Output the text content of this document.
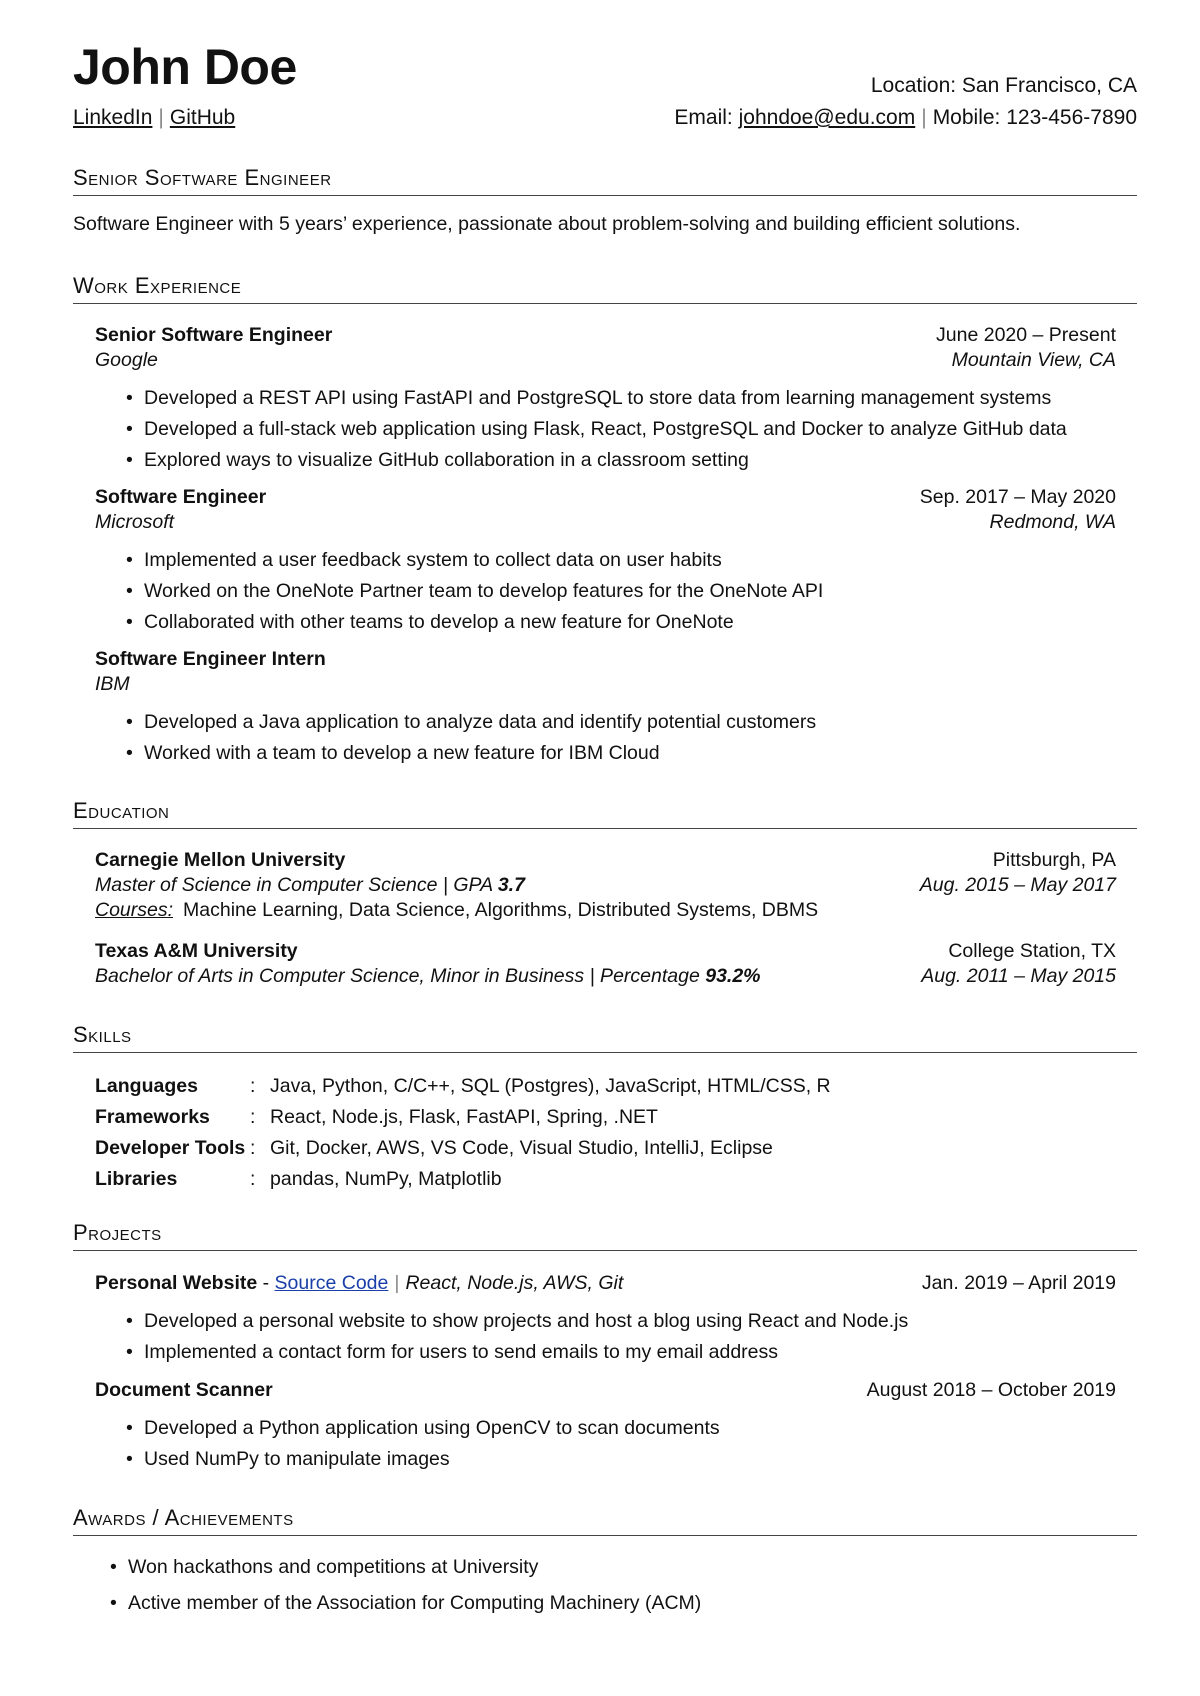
John Doe
LinkedIn | GitHub
Location: San Francisco, CA
Email: johndoe@edu.com | Mobile: 123-456-7890
Senior Software Engineer
Software Engineer with 5 years’ experience, passionate about problem-solving and building efficient solutions.
Work Experience
Senior Software Engineer	June 2020 – Present
Google	Mountain View, CA
• Developed a REST API using FastAPI and PostgreSQL to store data from learning management systems
• Developed a full-stack web application using Flask, React, PostgreSQL and Docker to analyze GitHub data
• Explored ways to visualize GitHub collaboration in a classroom setting
Software Engineer	Sep. 2017 – May 2020
Microsoft	Redmond, WA
• Implemented a user feedback system to collect data on user habits
• Worked on the OneNote Partner team to develop features for the OneNote API
• Collaborated with other teams to develop a new feature for OneNote
Software Engineer Intern
IBM
• Developed a Java application to analyze data and identify potential customers
• Worked with a team to develop a new feature for IBM Cloud
Education
Carnegie Mellon University	Pittsburgh, PA
Master of Science in Computer Science | GPA 3.7	Aug. 2015 – May 2017
Courses: Machine Learning, Data Science, Algorithms, Distributed Systems, DBMS
Texas A&M University	College Station, TX
Bachelor of Arts in Computer Science, Minor in Business | Percentage 93.2%	Aug. 2011 – May 2015
Skills
Languages	: Java, Python, C/C++, SQL (Postgres), JavaScript, HTML/CSS, R
Frameworks	: React, Node.js, Flask, FastAPI, Spring, .NET
Developer Tools : Git, Docker, AWS, VS Code, Visual Studio, IntelliJ, Eclipse
Libraries	: pandas, NumPy, Matplotlib
Projects
Personal Website - Source Code | React, Node.js, AWS, Git	Jan. 2019 – April 2019
• Developed a personal website to show projects and host a blog using React and Node.js
• Implemented a contact form for users to send emails to my email address
Document Scanner	August 2018 – October 2019
• Developed a Python application using OpenCV to scan documents
• Used NumPy to manipulate images
Awards / Achievements
• Won hackathons and competitions at University
• Active member of the Association for Computing Machinery (ACM)
